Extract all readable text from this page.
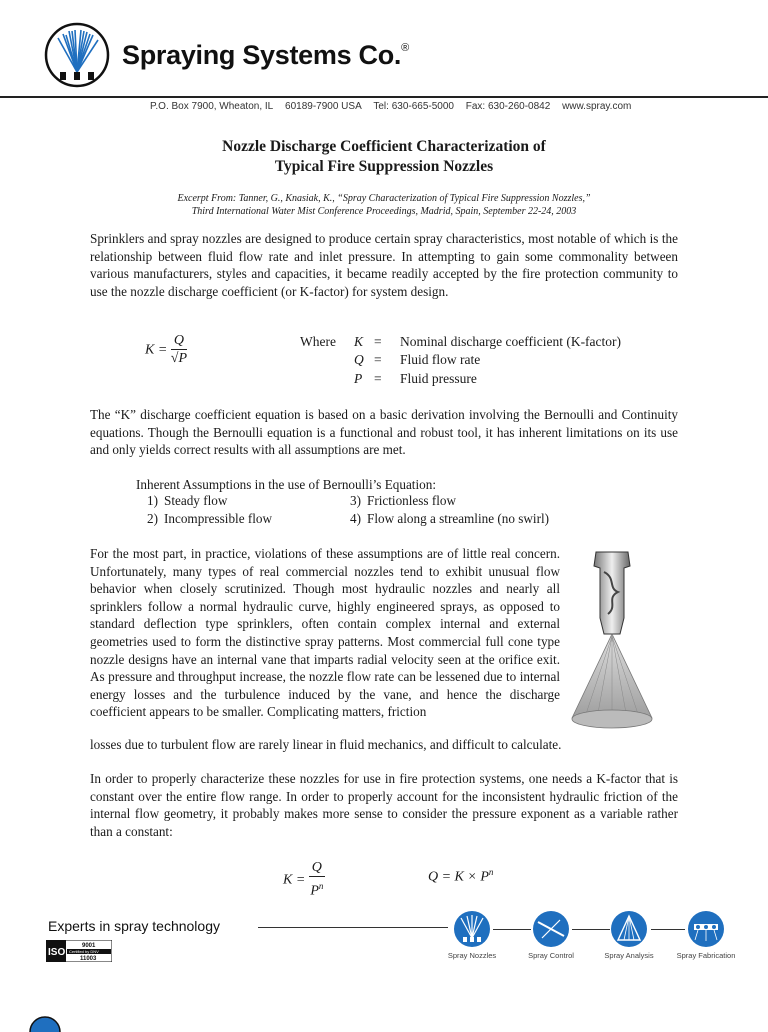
Spraying Systems Co.®
P.O. Box 7900, Wheaton, IL 60189-7900 USA Tel: 630-665-5000 Fax: 630-260-0842 www.spray.com
Nozzle Discharge Coefficient Characterization of
Typical Fire Suppression Nozzles
Excerpt From: Tanner, G., Knasiak, K., “Spray Characterization of Typical Fire Suppression Nozzles,”
Third International Water Mist Conference Proceedings, Madrid, Spain, September 22-24, 2003
Sprinklers and spray nozzles are designed to produce certain spray characteristics, most notable of which is the relationship between fluid flow rate and inlet pressure. In attempting to gain some commonality between various manufacturers, styles and capacities, it became readily accepted by the fire protection community to use the nozzle discharge coefficient (or K-factor) for system design.
$K = \frac{Q}{√P}$	Where K = Nominal discharge coefficient (K-factor)
Q = Fluid flow rate
P = Fluid pressure
The “K” discharge coefficient equation is based on a basic derivation involving the Bernoulli and Continuity equations. Though the Bernoulli equation is a functional and robust tool, it has inherent limitations on its use and only yields correct results with all assumptions are met.
Inherent Assumptions in the use of Bernoulli’s Equation:
1) Steady flow
2) Incompressible flow
3) Frictionless flow
4) Flow along a streamline (no swirl)
For the most part, in practice, violations of these assumptions are of little real concern. Unfortunately, many types of real commercial nozzles tend to exhibit unusual flow behavior when closely scrutinized. Though most hydraulic nozzles and nearly all sprinklers follow a normal hydraulic curve, highly engineered sprays, as opposed to standard deflection type sprinklers, often contain complex internal and external geometries used to form the distinctive spray patterns. Most commercial full cone type nozzle designs have an internal vane that imparts radial velocity seen at the orifice exit. As pressure and throughput increase, the nozzle flow rate can be lessened due to internal energy losses and the turbulence induced by the vane, and hence the discharge coefficient appears to be smaller. Complicating matters, friction
losses due to turbulent flow are rarely linear in fluid mechanics, and difficult to calculate.
In order to properly characterize these nozzles for use in fire protection systems, one needs a K-factor that is constant over the entire flow range. In order to properly account for the inconsistent hydraulic friction of the internal flow geometry, it probably makes more sense to consider the pressure exponent as a variable rather than a constant:
$K = \frac{Q}{P^n}$	$Q = K \times P^n$
Experts in spray technology
ISO
9001
Certified by DNV
11003	Spray Nozzles	Spray Control	Spray Analysis	Spray Fabrication
